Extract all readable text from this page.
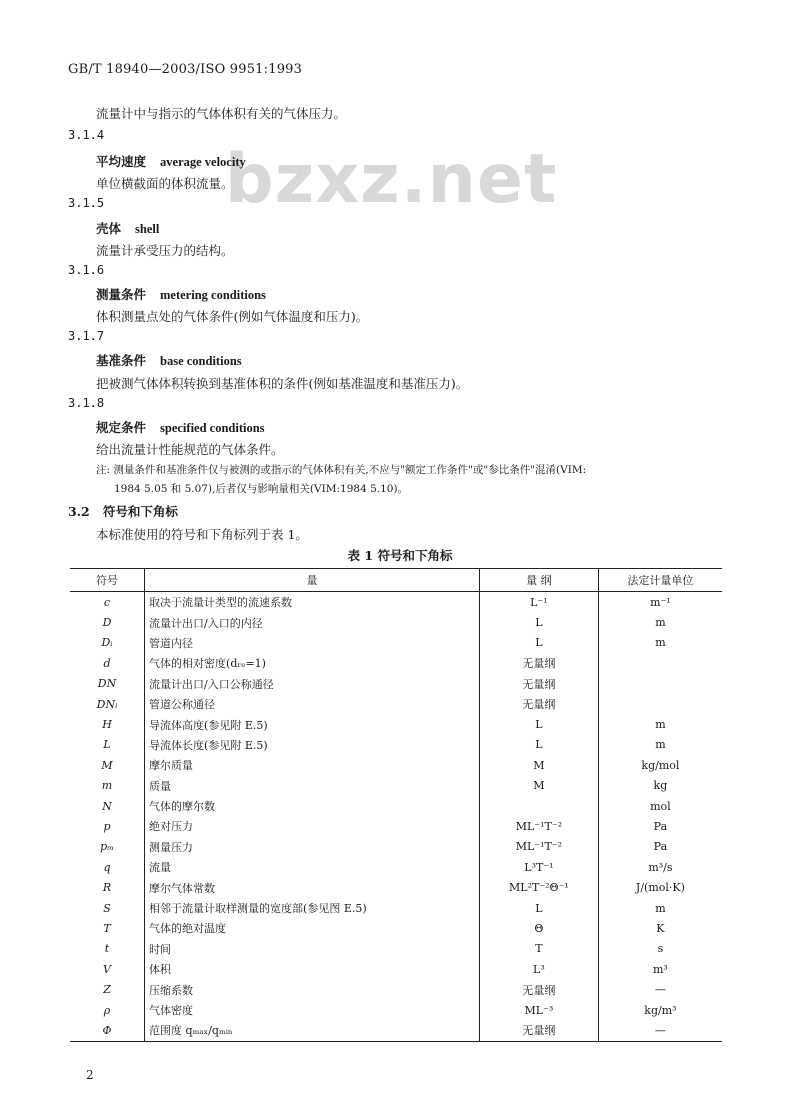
GB/T 18940—2003/ISO 9951:1993
bzxz.net
流量计中与指示的气体体积有关的气体压力。
3.1.4
平均速度 average velocity
单位横截面的体积流量。
3.1.5
壳体 shell
流量计承受压力的结构。
3.1.6
测量条件 metering conditions
体积测量点处的气体条件(例如气体温度和压力)。
3.1.7
基准条件 base conditions
把被测气体体积转换到基准体积的条件(例如基准温度和基准压力)。
3.1.8
规定条件 specified conditions
给出流量计性能规范的气体条件。
注: 测量条件和基准条件仅与被测的或指示的气体体积有关,不应与"额定工作条件"或"参比条件"混淆(VIM:
1984 5.05 和 5.07),后者仅与影响量相关(VIM:1984 5.10)。
3.2 符号和下角标
本标准使用的符号和下角标列于表 1。
表 1 符号和下角标
符号	量	量 纲	法定计量单位
c	取决于流量计类型的流速系数	L⁻¹	m⁻¹
D	流量计出口/入口的内径	L	m
Dᵢ	管道内径	L	m
d	气体的相对密度(dᵣₑ=1)	无量纲	
DN	流量计出口/入口公称通径	无量纲	
DNᵢ	管道公称通径	无量纲	
H	导流体高度(参见附 E.5)	L	m
L	导流体长度(参见附 E.5)	L	m
M	摩尔质量	M	kg/mol
m	质量	M	kg
N	气体的摩尔数		mol
p	绝对压力	ML⁻¹T⁻²	Pa
pₘ	测量压力	ML⁻¹T⁻²	Pa
q	流量	L³T⁻¹	m³/s
R	摩尔气体常数	ML²T⁻²Θ⁻¹	J/(mol·K)
S	相邻于流量计取样测量的宽度部(参见图 E.5)	L	m
T	气体的绝对温度	Θ	K
t	时间	T	s
V	体积	L³	m³
Z	压缩系数	无量纲	—
ρ	气体密度	ML⁻³	kg/m³
Φ	范围度 qₘₐₓ/qₘᵢₙ	无量纲	—
2
